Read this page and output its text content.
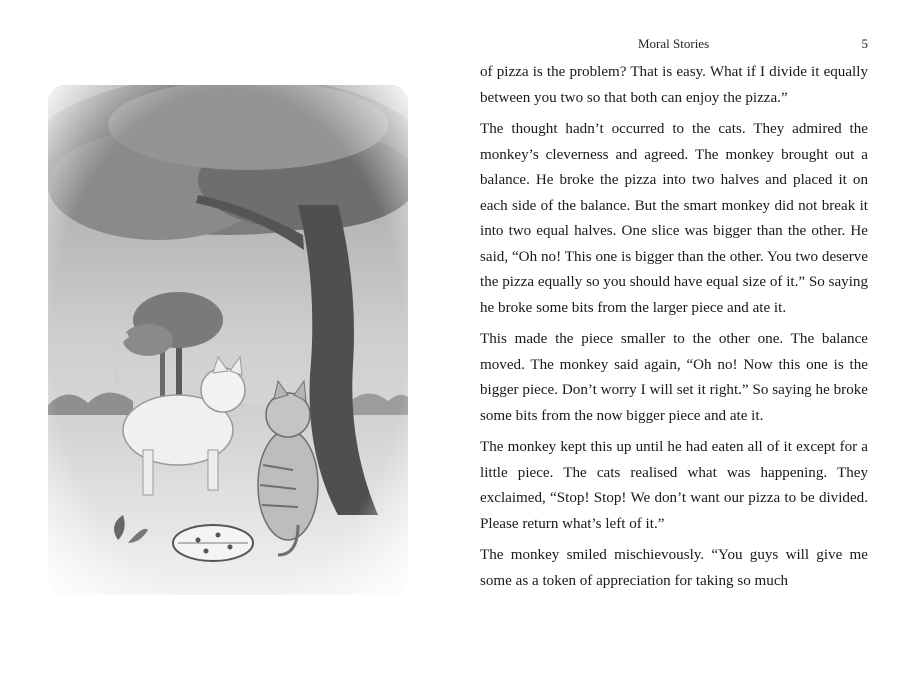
Moral Stories	5

of pizza is the problem? That is easy. What if I divide it equally between you two so that both can enjoy the pizza.”

The thought hadn’t occurred to the cats. They admired the monkey’s cleverness and agreed. The monkey brought out a balance. He broke the pizza into two halves and placed it on each side of the balance. But the smart monkey did not break it into two equal halves. One slice was bigger than the other. He said, “Oh no! This one is bigger than the other. You two deserve the pizza equally so you should have equal size of it.” So saying he broke some bits from the larger piece and ate it.

This made the piece smaller to the other one. The balance moved. The monkey said again, “Oh no! Now this one is the bigger piece. Don’t worry I will set it right.” So saying he broke some bits from the now bigger piece and ate it.

The monkey kept this up until he had eaten all of it except for a little piece. The cats realised what was happening. They exclaimed, “Stop! Stop! We don’t want our pizza to be divided. Please return what’s left of it.”

The monkey smiled mischievously. “You guys will give me some as a token of appreciation for taking so much
